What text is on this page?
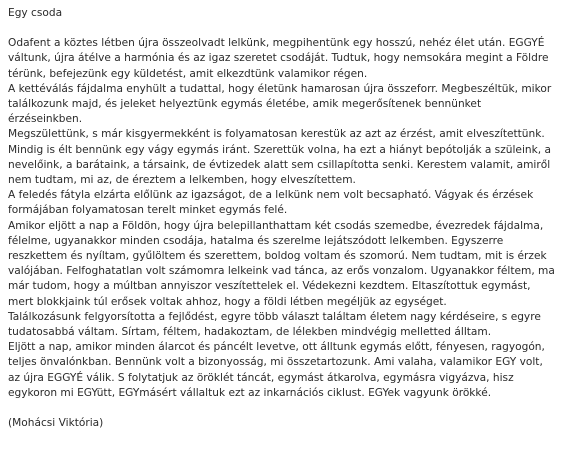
Egy csoda

Odafent a köztes létben újra összeolvadt lelkünk, megpihentünk egy hosszú, nehéz élet után. EGGYÉ váltunk, újra átélve a harmónia és az igaz szeretet csodáját. Tudtuk, hogy nemsokára megint a Földre térünk, befejezünk egy küldetést, amit elkezdtünk valamikor régen.

A kettéválás fájdalma enyhült a tudattal, hogy életünk hamarosan újra összeforr. Megbeszéltük, mikor találkozunk majd, és jeleket helyeztünk egymás életébe, amik megerősítenek bennünket érzéseinkben.

Megszülettünk, s már kisgyermekként is folyamatosan kerestük az azt az érzést, amit elveszítettünk. Mindig is élt bennünk egy vágy egymás iránt. Szerettük volna, ha ezt a hiányt bepótolják a szüleink, a nevelőink, a barátaink, a társaink, de évtizedek alatt sem csillapította senki. Kerestem valamit, amiről nem tudtam, mi az, de éreztem a lelkemben, hogy elveszítettem.

A feledés fátyla elzárta előlünk az igazságot, de a lelkünk nem volt becsapható. Vágyak és érzések formájában folyamatosan terelt minket egymás felé.

Amikor eljött a nap a Földön, hogy újra belepillanthattam két csodás szemedbe, évezredek fájdalma, félelme, ugyanakkor minden csodája, hatalma és szerelme lejátszódott lelkemben. Egyszerre reszkettem és nyíltam, gyűlöltem és szerettem, boldog voltam és szomorú. Nem tudtam, mit is érzek valójában. Felfoghatatlan volt számomra lelkeink vad tánca, az erős vonzalom. Ugyanakkor féltem, ma már tudom, hogy a múltban annyiszor veszítettelek el. Védekezni kezdtem. Eltaszítottuk egymást, mert blokkjaink túl erősek voltak ahhoz, hogy a földi létben megéljük az egységet.

Találkozásunk felgyorsította a fejlődést, egyre több választ találtam életem nagy kérdéseire, s egyre tudatosabbá váltam. Sírtam, féltem, hadakoztam, de lélekben mindvégig melletted álltam.

Eljött a nap, amikor minden álarcot és páncélt levetve, ott álltunk egymás előtt, fényesen, ragyogón, teljes önvalónkban. Bennünk volt a bizonyosság, mi összetartozunk. Ami valaha, valamikor EGY volt, az újra EGGYÉ válik. S folytatjuk az öröklét táncát, egymást átkarolva, egymásra vigyázva, hisz egykoron mi EGYütt, EGYmásért vállaltuk ezt az inkarnációs ciklust. EGYek vagyunk örökké.

(Mohácsi Viktória)
